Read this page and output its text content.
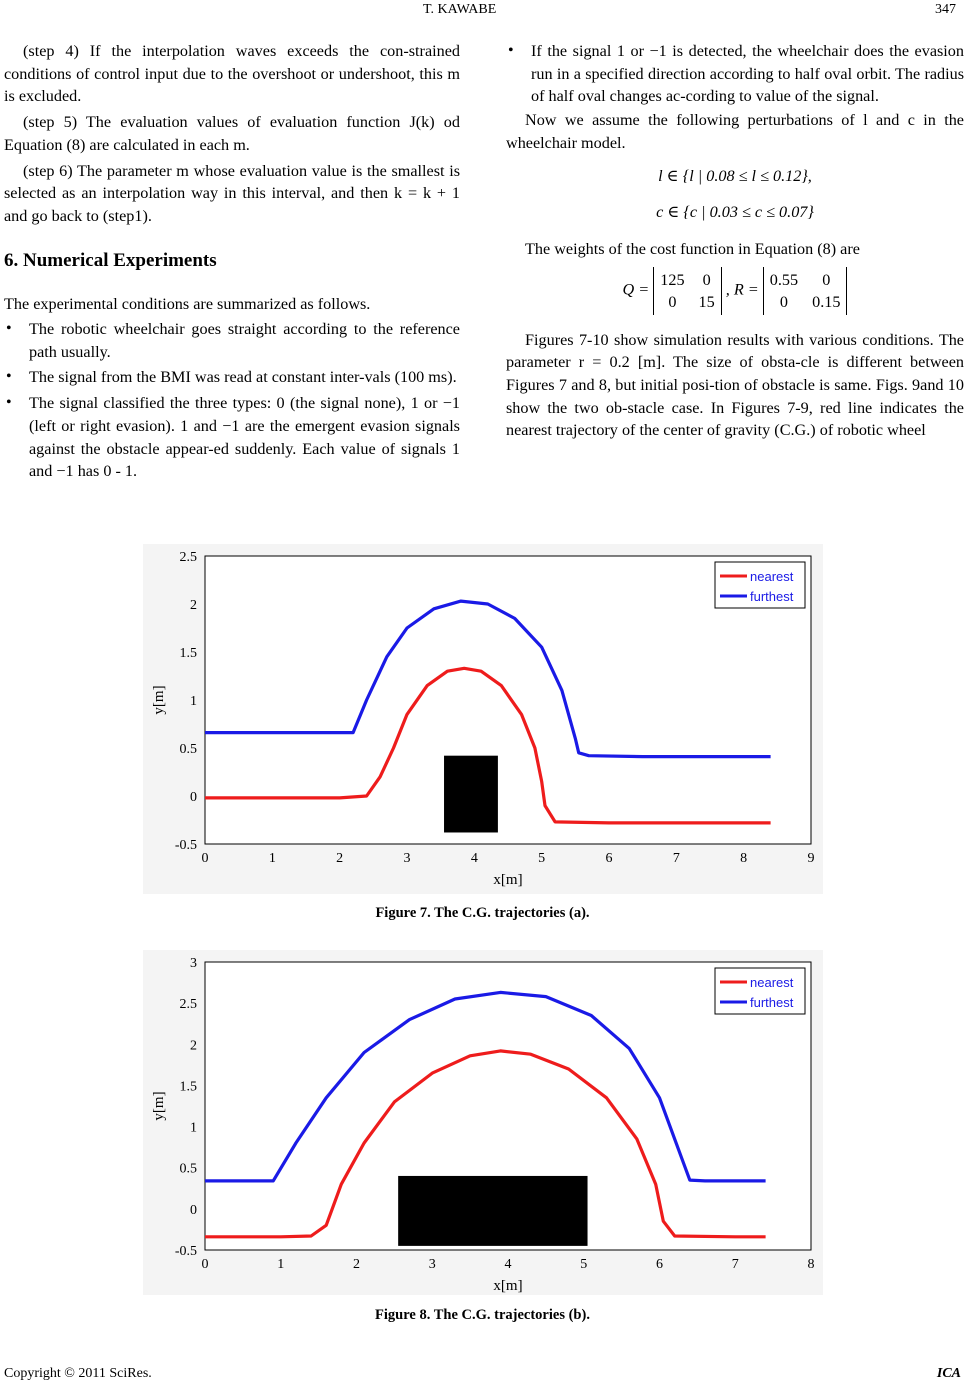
T. KAWABE	347

(step 4) If the interpolation waves exceeds the con-strained conditions of control input due to the overshoot or undershoot, this m is excluded.

(step 5) The evaluation values of evaluation function J(k) od Equation (8) are calculated in each m.

(step 6) The parameter m whose evaluation value is the smallest is selected as an interpolation way in this interval, and then k = k + 1 and go back to (step1).

6. Numerical Experiments

The experimental conditions are summarized as follows.

• The robotic wheelchair goes straight according to the reference path usually.

• The signal from the BMI was read at constant inter-vals (100 ms).

• The signal classified the three types: 0 (the signal none), 1 or −1 (left or right evasion). 1 and −1 are the emergent evasion signals against the obstacle appear-ed suddenly. Each value of signals 1 and −1 has 0 - 1.

• If the signal 1 or −1 is detected, the wheelchair does the evasion run in a specified direction according to half oval orbit. The radius of half oval changes ac-cording to value of the signal.

Now we assume the following perturbations of l and c in the wheelchair model.

l ∈ {l | 0.08 ≤ l ≤ 0.12},

c ∈ {c | 0.03 ≤ c ≤ 0.07}

The weights of the cost function in Equation (8) are

Q =
125 0
0	15
, R =
0.55	0
0	0.15

Figures 7-10 show simulation results with various conditions. The parameter r = 0.2 [m]. The size of obsta-cle is different between Figures 7 and 8, but initial posi-tion of obstacle is same. Figs. 9and 10 show the two ob-stacle case. In Figures 7-9, red line indicates the nearest trajectory of the center of gravity (C.G.) of robotic wheel

0	1	2	3	4	5	6	7	8	9
2.5
2
1.5
1
0.5
0
-0.5
x[m]
y[m]
nearest
furthest
Figure 7. The C.G. trajectories (a).
0	1	2	3	4	5	6	7	8
3
2.5
2
1.5
1
0.5
0
-0.5
x[m]
y[m]
nearest
furthest
Figure 8. The C.G. trajectories (b).
Copyright © 2011 SciRes.	ICA
